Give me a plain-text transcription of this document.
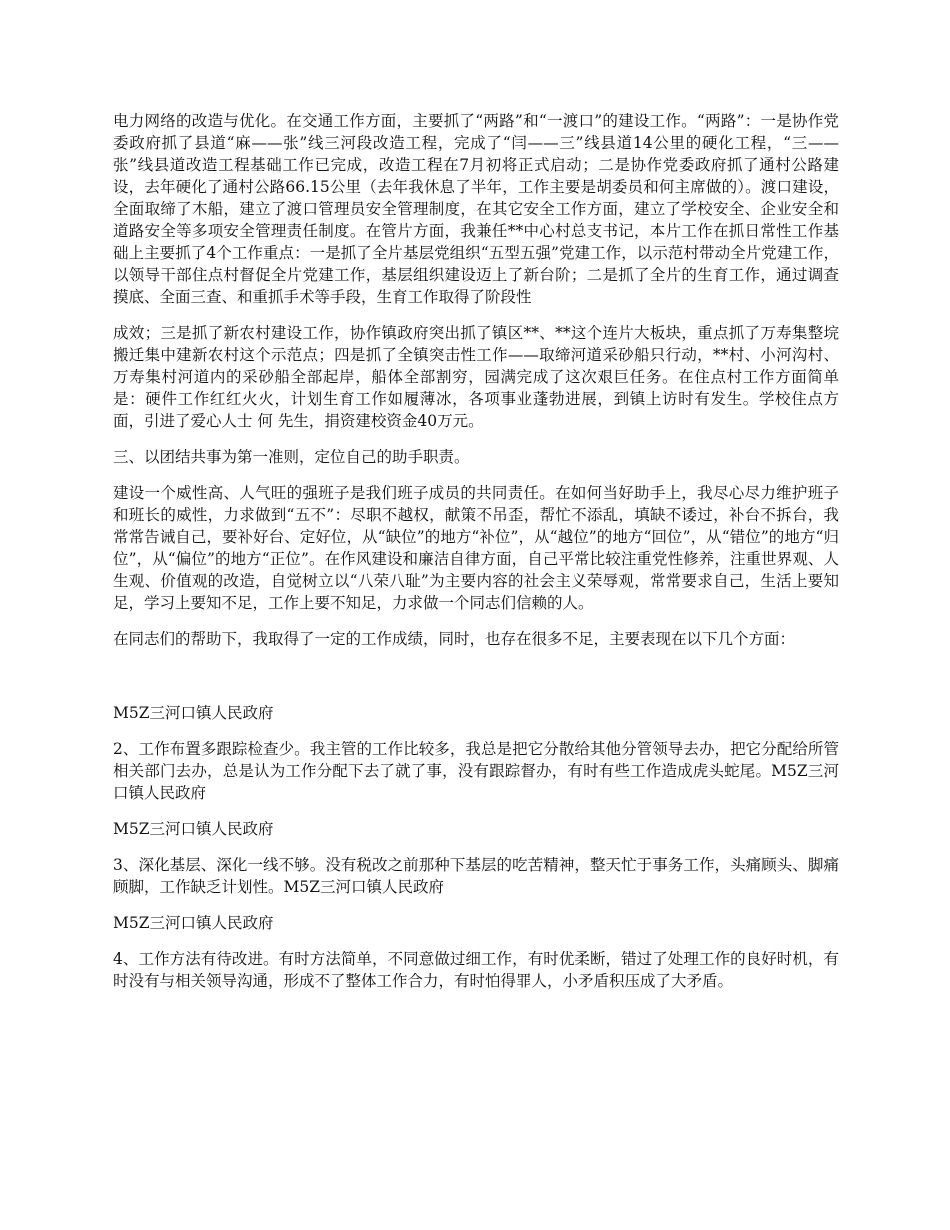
电力网络的改造与优化。在交通工作方面，主要抓了“两路”和“一渡口”的建设工作。“两路”：一是协作党委政府抓了县道“麻——张”线三河段改造工程，完成了“闫——三”线县道14公里的硬化工程，“三——张”线县道改造工程基础工作已完成，改造工程在7月初将正式启动；二是协作党委政府抓了通村公路建设，去年硬化了通村公路66.15公里（去年我休息了半年，工作主要是胡委员和何主席做的）。渡口建设，全面取缔了木船，建立了渡口管理员安全管理制度，在其它安全工作方面，建立了学校安全、企业安全和道路安全等多项安全管理责任制度。在管片方面，我兼任**中心村总支书记，本片工作在抓日常性工作基础上主要抓了4个工作重点：一是抓了全片基层党组织“五型五强”党建工作，以示范村带动全片党建工作，以领导干部住点村督促全片党建工作，基层组织建设迈上了新台阶；二是抓了全片的生育工作，通过调查摸底、全面三查、和重抓手术等手段，生育工作取得了阶段性

成效；三是抓了新农村建设工作，协作镇政府突出抓了镇区**、**这个连片大板块，重点抓了万寿集整垸搬迁集中建新农村这个示范点；四是抓了全镇突击性工作——取缔河道采砂船只行动，**村、小河沟村、万寿集村河道内的采砂船全部起岸，船体全部割穷，园满完成了这次艰巨任务。在住点村工作方面简单是：硬件工作红红火火，计划生育工作如履薄冰，各项事业蓬勃进展，到镇上访时有发生。学校住点方面，引进了爱心人士 何 先生，捐资建校资金40万元。

三、以团结共事为第一准则，定位自己的助手职责。

建设一个威性高、人气旺的强班子是我们班子成员的共同责任。在如何当好助手上，我尽心尽力维护班子和班长的威性，力求做到“五不”：尽职不越权，献策不吊歪，帮忙不添乱，填缺不诿过，补台不拆台，我常常告诫自己，要补好台、定好位，从“缺位”的地方“补位”，从“越位”的地方“回位”，从“错位”的地方“归位”，从“偏位”的地方“正位”。在作风建设和廉洁自律方面，自己平常比较注重党性修养，注重世界观、人生观、价值观的改造，自觉树立以“八荣八耻”为主要内容的社会主义荣辱观，常常要求自己，生活上要知足，学习上要知不足，工作上要不知足，力求做一个同志们信赖的人。

在同志们的帮助下，我取得了一定的工作成绩，同时，也存在很多不足，主要表现在以下几个方面：

M5Z三河口镇人民政府

2、工作布置多跟踪检查少。我主管的工作比较多，我总是把它分散给其他分管领导去办，把它分配给所管相关部门去办，总是认为工作分配下去了就了事，没有跟踪督办，有时有些工作造成虎头蛇尾。M5Z三河口镇人民政府

M5Z三河口镇人民政府

3、深化基层、深化一线不够。没有税改之前那种下基层的吃苦精神，整天忙于事务工作，头痛顾头、脚痛顾脚，工作缺乏计划性。M5Z三河口镇人民政府

M5Z三河口镇人民政府

4、工作方法有待改进。有时方法简单，不同意做过细工作，有时优柔断，错过了处理工作的良好时机，有时没有与相关领导沟通，形成不了整体工作合力，有时怕得罪人，小矛盾积压成了大矛盾。
